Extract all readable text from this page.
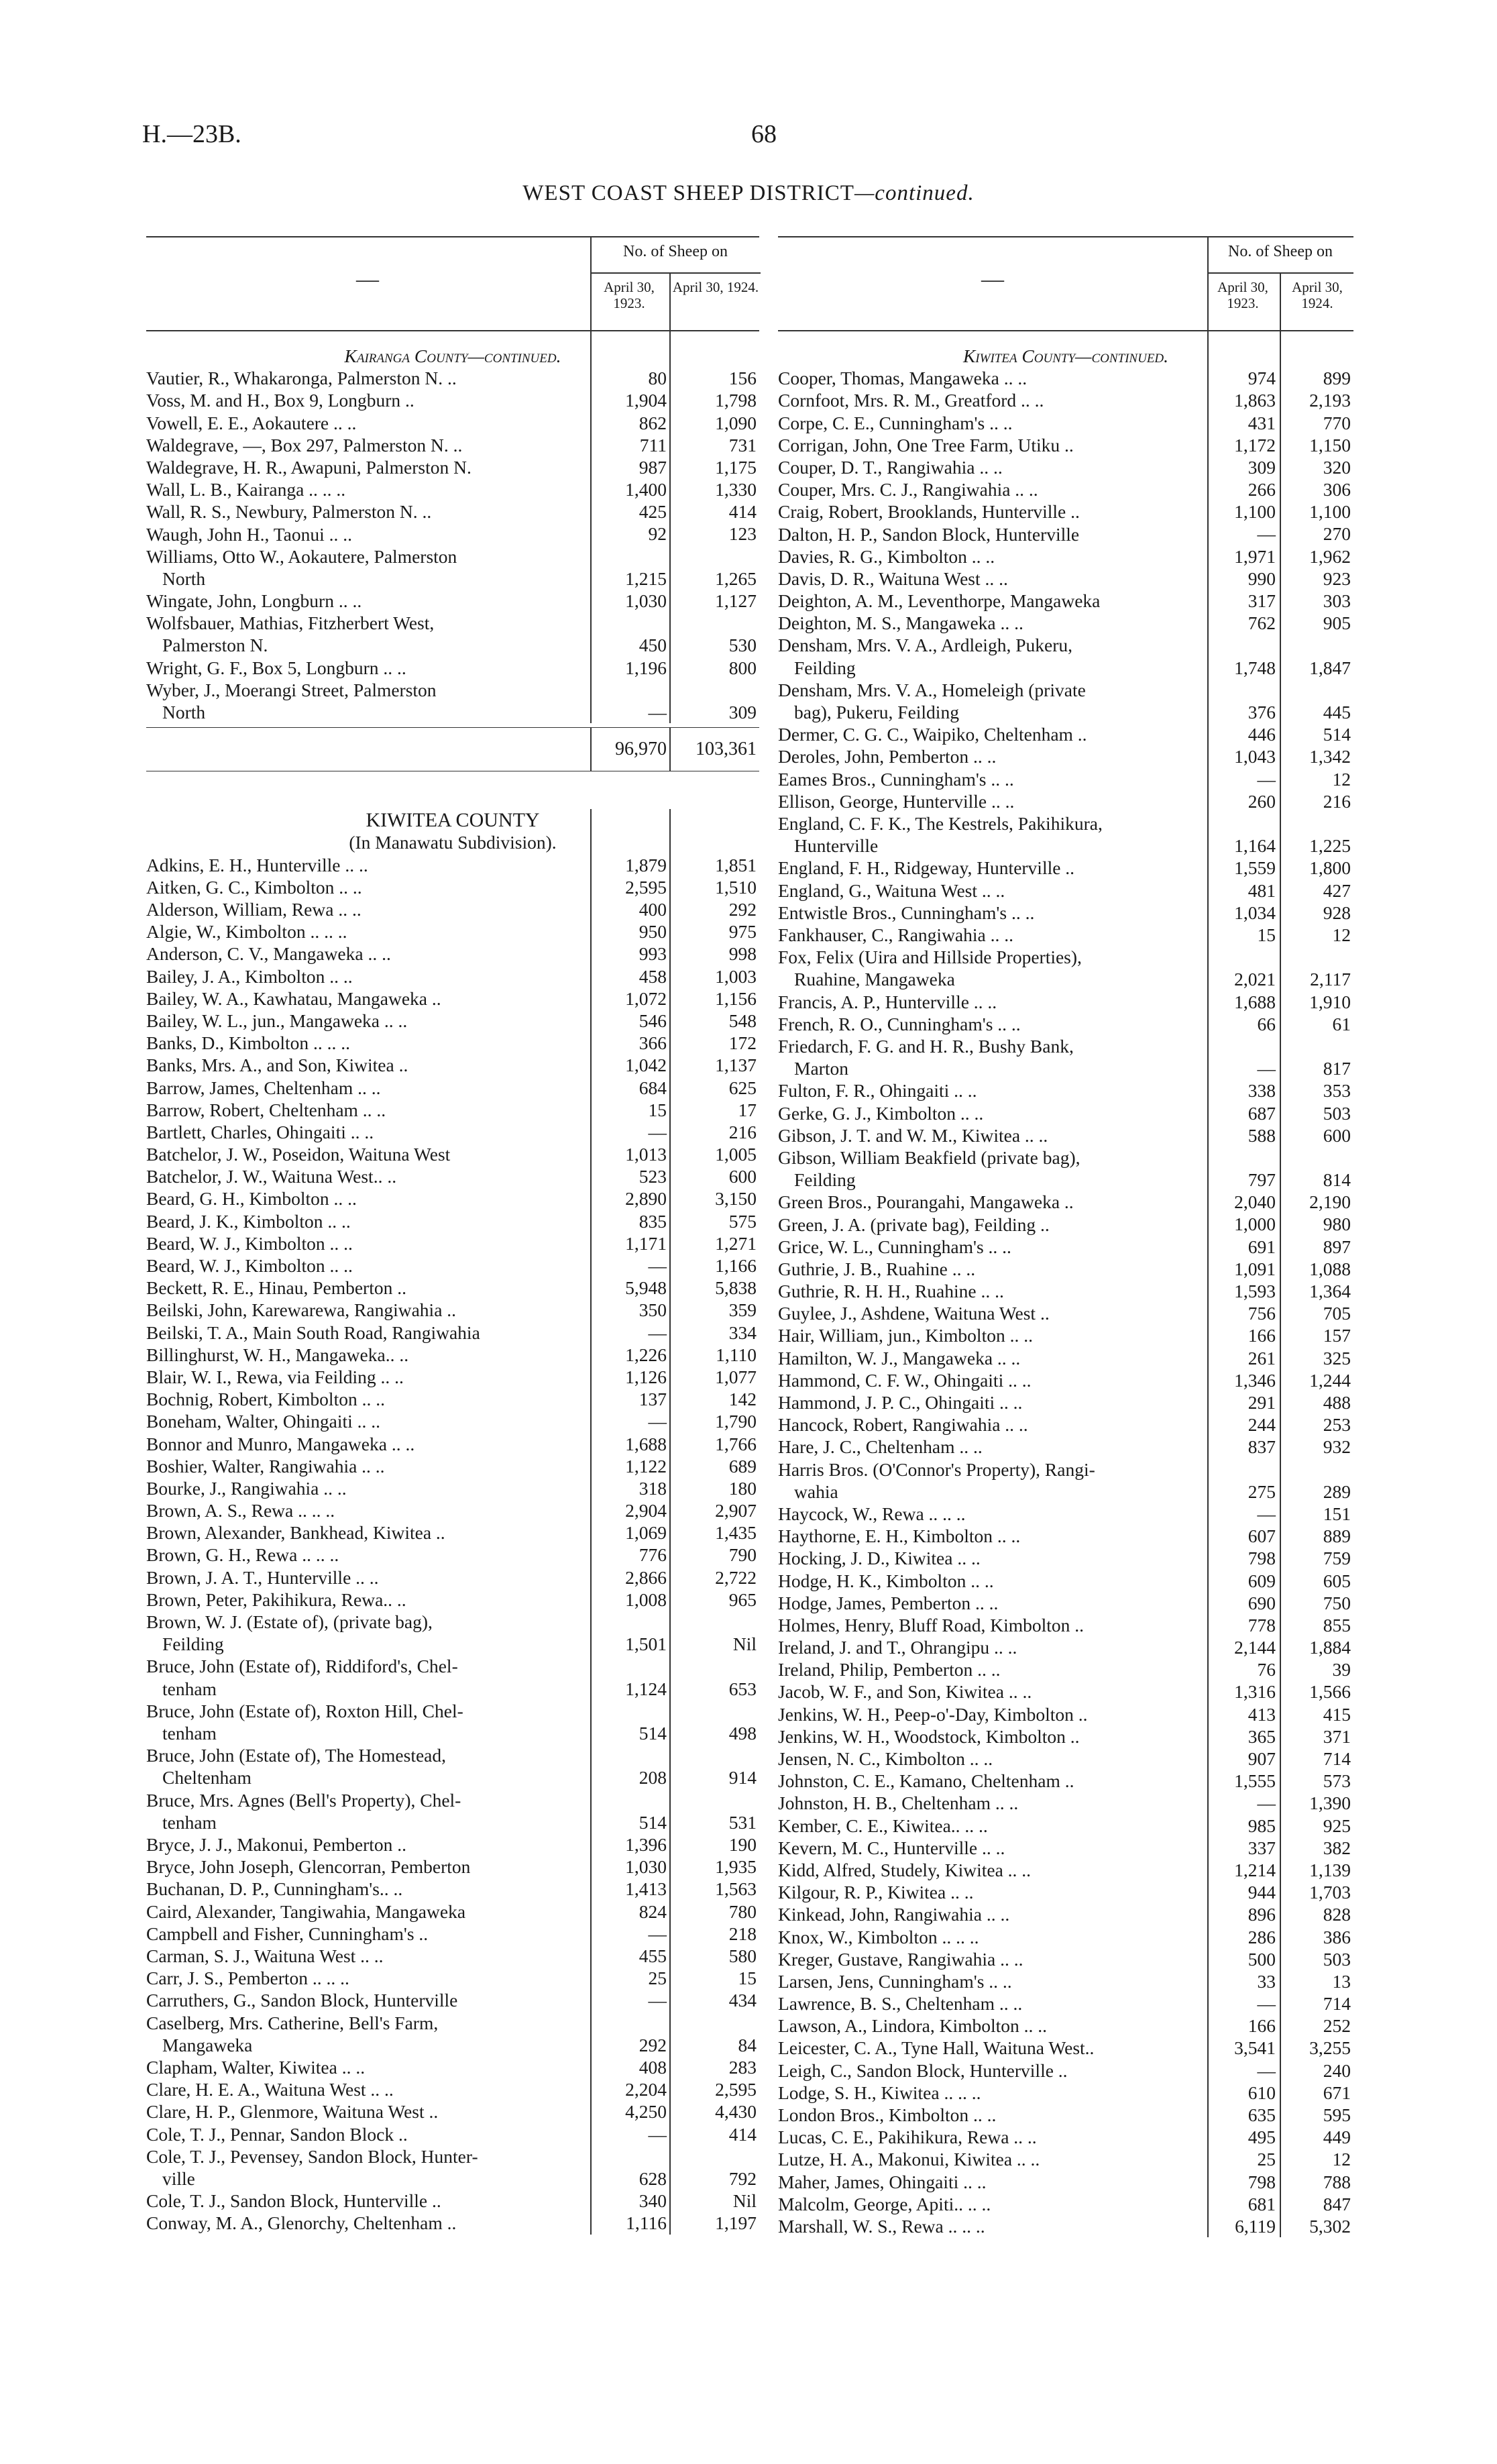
H.—23B.	68
WEST COAST SHEEP DISTRICT—continued.
—
No. of Sheep on
April 30, 1923.
April 30, 1924.
Kairanga County—continued.
Vautier, R., Whakaronga, Palmerston N. ..	80	156
Voss, M. and H., Box 9, Longburn ..	1,904	1,798
Vowell, E. E., Aokautere .. ..	862	1,090
Waldegrave, —, Box 297, Palmerston N. ..	711	731
Waldegrave, H. R., Awapuni, Palmerston N.	987	1,175
Wall, L. B., Kairanga .. .. ..	1,400	1,330
Wall, R. S., Newbury, Palmerston N. ..	425	414
Waugh, John H., Taonui .. ..	92	123
Williams, Otto W., Aokautere, Palmerston
North	1,215	1,265
Wingate, John, Longburn .. ..	1,030	1,127
Wolfsbauer, Mathias, Fitzherbert West,
Palmerston N.	450	530
Wright, G. F., Box 5, Longburn .. ..	1,196	800
Wyber, J., Moerangi Street, Palmerston
North	—	309
96,970 103,361
KIWITEA COUNTY
(In Manawatu Subdivision).
Adkins, E. H., Hunterville .. ..	1,879	1,851
Aitken, G. C., Kimbolton .. ..	2,595	1,510
Alderson, William, Rewa .. ..	400	292
Algie, W., Kimbolton .. .. ..	950	975
Anderson, C. V., Mangaweka .. ..	993	998
Bailey, J. A., Kimbolton .. ..	458	1,003
Bailey, W. A., Kawhatau, Mangaweka ..	1,072	1,156
Bailey, W. L., jun., Mangaweka .. ..	546	548
Banks, D., Kimbolton .. .. ..	366	172
Banks, Mrs. A., and Son, Kiwitea ..	1,042	1,137
Barrow, James, Cheltenham .. ..	684	625
Barrow, Robert, Cheltenham .. ..	15	17
Bartlett, Charles, Ohingaiti .. ..	—	216
Batchelor, J. W., Poseidon, Waituna West	1,013	1,005
Batchelor, J. W., Waituna West.. ..	523	600
Beard, G. H., Kimbolton .. ..	2,890	3,150
Beard, J. K., Kimbolton .. ..	835	575
Beard, W. J., Kimbolton .. ..	1,171	1,271
Beard, W. J., Kimbolton .. ..	—	1,166
Beckett, R. E., Hinau, Pemberton ..	5,948	5,838
Beilski, John, Karewarewa, Rangiwahia ..	350	359
Beilski, T. A., Main South Road, Rangiwahia	—	334
Billinghurst, W. H., Mangaweka.. ..	1,226	1,110
Blair, W. I., Rewa, via Feilding .. ..	1,126	1,077
Bochnig, Robert, Kimbolton .. ..	137	142
Boneham, Walter, Ohingaiti .. ..	—	1,790
Bonnor and Munro, Mangaweka .. ..	1,688	1,766
Boshier, Walter, Rangiwahia .. ..	1,122	689
Bourke, J., Rangiwahia .. ..	318	180
Brown, A. S., Rewa .. .. ..	2,904	2,907
Brown, Alexander, Bankhead, Kiwitea ..	1,069	1,435
Brown, G. H., Rewa .. .. ..	776	790
Brown, J. A. T., Hunterville .. ..	2,866	2,722
Brown, Peter, Pakihikura, Rewa.. ..	1,008	965
Brown, W. J. (Estate of), (private bag),
Feilding	1,501	Nil
Bruce, John (Estate of), Riddiford's, Chel-
tenham	1,124	653
Bruce, John (Estate of), Roxton Hill, Chel-
tenham	514	498
Bruce, John (Estate of), The Homestead,
Cheltenham	208	914
Bruce, Mrs. Agnes (Bell's Property), Chel-
tenham	514	531
Bryce, J. J., Makonui, Pemberton ..	1,396	190
Bryce, John Joseph, Glencorran, Pemberton	1,030	1,935
Buchanan, D. P., Cunningham's.. ..	1,413	1,563
Caird, Alexander, Tangiwahia, Mangaweka	824	780
Campbell and Fisher, Cunningham's ..	—	218
Carman, S. J., Waituna West .. ..	455	580
Carr, J. S., Pemberton .. .. ..	25	15
Carruthers, G., Sandon Block, Hunterville	—	434
Caselberg, Mrs. Catherine, Bell's Farm,
Mangaweka	292	84
Clapham, Walter, Kiwitea .. ..	408	283
Clare, H. E. A., Waituna West .. ..	2,204	2,595
Clare, H. P., Glenmore, Waituna West ..	4,250	4,430
Cole, T. J., Pennar, Sandon Block ..	—	414
Cole, T. J., Pevensey, Sandon Block, Hunter-
ville	628	792
Cole, T. J., Sandon Block, Hunterville ..	340	Nil
Conway, M. A., Glenorchy, Cheltenham ..	1,116	1,197
—
No. of Sheep on
April 30, 1923.
April 30, 1924.
Kiwitea County—continued.
Cooper, Thomas, Mangaweka .. ..	974	899
Cornfoot, Mrs. R. M., Greatford .. ..	1,863 2,193
Corpe, C. E., Cunningham's .. ..	431	770
Corrigan, John, One Tree Farm, Utiku ..	1,172 1,150
Couper, D. T., Rangiwahia .. ..	309	320
Couper, Mrs. C. J., Rangiwahia .. ..	266	306
Craig, Robert, Brooklands, Hunterville ..	1,100 1,100
Dalton, H. P., Sandon Block, Hunterville	—	270
Davies, R. G., Kimbolton .. ..	1,971 1,962
Davis, D. R., Waituna West .. ..	990	923
Deighton, A. M., Leventhorpe, Mangaweka	317	303
Deighton, M. S., Mangaweka .. ..	762	905
Densham, Mrs. V. A., Ardleigh, Pukeru,
Feilding	1,748 1,847
Densham, Mrs. V. A., Homeleigh (private
bag), Pukeru, Feilding	376	445
Dermer, C. G. C., Waipiko, Cheltenham ..	446	514
Deroles, John, Pemberton .. ..	1,043 1,342
Eames Bros., Cunningham's .. ..	—	12
Ellison, George, Hunterville .. ..	260	216
England, C. F. K., The Kestrels, Pakihikura,
Hunterville	1,164 1,225
England, F. H., Ridgeway, Hunterville ..	1,559 1,800
England, G., Waituna West .. ..	481	427
Entwistle Bros., Cunningham's .. ..	1,034	928
Fankhauser, C., Rangiwahia .. ..	15	12
Fox, Felix (Uira and Hillside Properties),
Ruahine, Mangaweka	2,021 2,117
Francis, A. P., Hunterville .. ..	1,688 1,910
French, R. O., Cunningham's .. ..	66	61
Friedarch, F. G. and H. R., Bushy Bank,
Marton	—	817
Fulton, F. R., Ohingaiti .. ..	338	353
Gerke, G. J., Kimbolton .. ..	687	503
Gibson, J. T. and W. M., Kiwitea .. ..	588	600
Gibson, William Beakfield (private bag),
Feilding	797	814
Green Bros., Pourangahi, Mangaweka ..	2,040 2,190
Green, J. A. (private bag), Feilding ..	1,000	980
Grice, W. L., Cunningham's .. ..	691	897
Guthrie, J. B., Ruahine .. ..	1,091 1,088
Guthrie, R. H. H., Ruahine .. ..	1,593 1,364
Guylee, J., Ashdene, Waituna West ..	756	705
Hair, William, jun., Kimbolton .. ..	166	157
Hamilton, W. J., Mangaweka .. ..	261	325
Hammond, C. F. W., Ohingaiti .. ..	1,346 1,244
Hammond, J. P. C., Ohingaiti .. ..	291	488
Hancock, Robert, Rangiwahia .. ..	244	253
Hare, J. C., Cheltenham .. ..	837	932
Harris Bros. (O'Connor's Property), Rangi-
wahia	275	289
Haycock, W., Rewa .. .. ..	—	151
Haythorne, E. H., Kimbolton .. ..	607	889
Hocking, J. D., Kiwitea .. ..	798	759
Hodge, H. K., Kimbolton .. ..	609	605
Hodge, James, Pemberton .. ..	690	750
Holmes, Henry, Bluff Road, Kimbolton ..	778	855
Ireland, J. and T., Ohrangipu .. ..	2,144 1,884
Ireland, Philip, Pemberton .. ..	76	39
Jacob, W. F., and Son, Kiwitea .. ..	1,316 1,566
Jenkins, W. H., Peep-o'-Day, Kimbolton ..	413	415
Jenkins, W. H., Woodstock, Kimbolton ..	365	371
Jensen, N. C., Kimbolton .. ..	907	714
Johnston, C. E., Kamano, Cheltenham ..	1,555	573
Johnston, H. B., Cheltenham .. ..	— 1,390
Kember, C. E., Kiwitea.. .. ..	985	925
Kevern, M. C., Hunterville .. ..	337	382
Kidd, Alfred, Studely, Kiwitea .. ..	1,214 1,139
Kilgour, R. P., Kiwitea .. ..	944 1,703
Kinkead, John, Rangiwahia .. ..	896	828
Knox, W., Kimbolton .. .. ..	286	386
Kreger, Gustave, Rangiwahia .. ..	500	503
Larsen, Jens, Cunningham's .. ..	33	13
Lawrence, B. S., Cheltenham .. ..	—	714
Lawson, A., Lindora, Kimbolton .. ..	166	252
Leicester, C. A., Tyne Hall, Waituna West..	3,541 3,255
Leigh, C., Sandon Block, Hunterville ..	—	240
Lodge, S. H., Kiwitea .. .. ..	610	671
London Bros., Kimbolton .. ..	635	595
Lucas, C. E., Pakihikura, Rewa .. ..	495	449
Lutze, H. A., Makonui, Kiwitea .. ..	25	12
Maher, James, Ohingaiti .. ..	798	788
Malcolm, George, Apiti.. .. ..	681	847
Marshall, W. S., Rewa .. .. ..	6,119 5,302
